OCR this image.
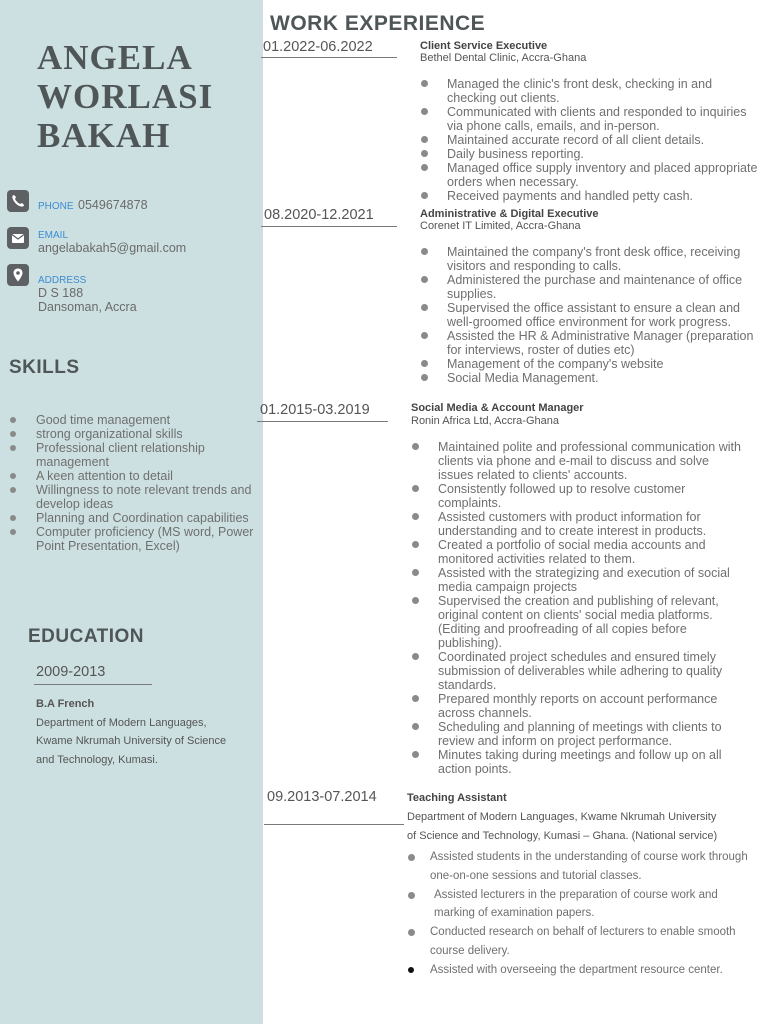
ANGELA
WORLASI
BAKAH
PHONE 0549674878
EMAIL
angelabakah5@gmail.com
ADDRESS
D S 188
Dansoman, Accra
SKILLS
Good time management
strong organizational skills
Professional client relationship management
A keen attention to detail
Willingness to note relevant trends and develop ideas
Planning and Coordination capabilities
Computer proficiency (MS word, Power Point Presentation, Excel)
EDUCATION
2009-2013
B.A French
Department of Modern Languages,
Kwame Nkrumah University of Science
and Technology, Kumasi.
WORK EXPERIENCE
01.2022-06.2022	Client Service Executive
Bethel Dental Clinic, Accra-Ghana
Managed the clinic's front desk, checking in and checking out clients.
Communicated with clients and responded to inquiries via phone calls, emails, and in-person.
Maintained accurate record of all client details.
Daily business reporting.
Managed office supply inventory and placed appropriate orders when necessary.
Received payments and handled petty cash.
08.2020-12.2021	Administrative & Digital Executive
Corenet IT Limited, Accra-Ghana
Maintained the company's front desk office, receiving visitors and responding to calls.
Administered the purchase and maintenance of office supplies.
Supervised the office assistant to ensure a clean and well-groomed office environment for work progress.
Assisted the HR & Administrative Manager (preparation for interviews, roster of duties etc)
Management of the company's website
Social Media Management.
01.2015-03.2019	Social Media & Account Manager
Ronin Africa Ltd, Accra-Ghana
Maintained polite and professional communication with clients via phone and e-mail to discuss and solve issues related to clients' accounts.
Consistently followed up to resolve customer complaints.
Assisted customers with product information for understanding and to create interest in products.
Created a portfolio of social media accounts and monitored activities related to them.
Assisted with the strategizing and execution of social media campaign projects
Supervised the creation and publishing of relevant, original content on clients' social media platforms. (Editing and proofreading of all copies before publishing).
Coordinated project schedules and ensured timely submission of deliverables while adhering to quality standards.
Prepared monthly reports on account performance across channels.
Scheduling and planning of meetings with clients to review and inform on project performance.
Minutes taking during meetings and follow up on all action points.
09.2013-07.2014	Teaching Assistant
Department of Modern Languages, Kwame Nkrumah University
of Science and Technology, Kumasi – Ghana. (National service)
Assisted students in the understanding of course work through one-on-one sessions and tutorial classes.
Assisted lecturers in the preparation of course work and marking of examination papers.
Conducted research on behalf of lecturers to enable smooth course delivery.
Assisted with overseeing the department resource center.
